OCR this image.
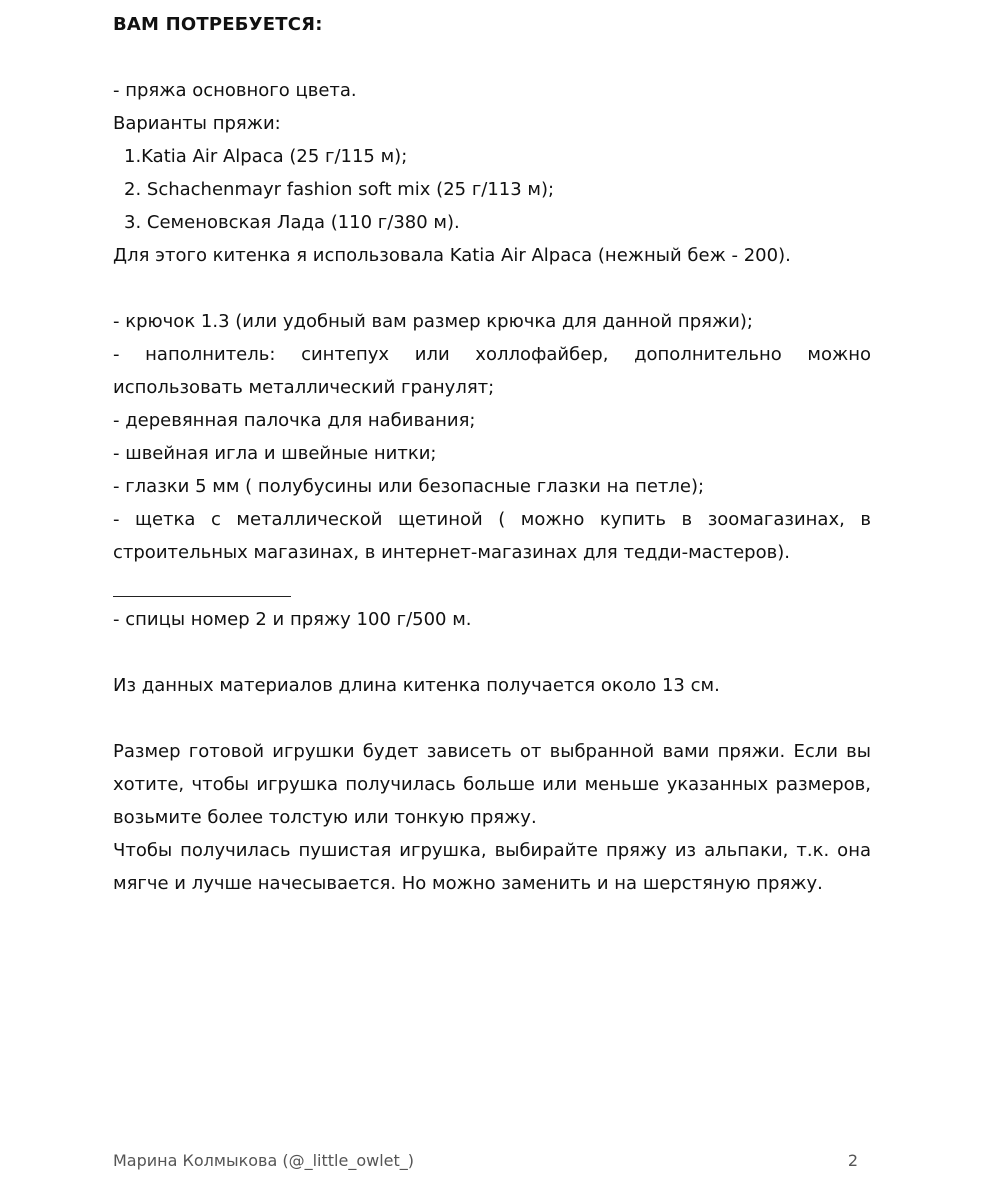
ВАМ ПОТРЕБУЕТСЯ:

- пряжа основного цвета.

Варианты пряжи:

1.Katia Air Alpaca (25 г/115 м);

2. Schachenmayr fashion soft mix (25 г/113 м);

3. Семеновская Лада (110 г/380 м).

Для этого китенка я использовала Katia Air Alpaca (нежный беж - 200).

- крючок 1.3 (или удобный вам размер крючка для данной пряжи);

- наполнитель: синтепух или холлофайбер, дополнительно можно использовать металлический гранулят;

- деревянная палочка для набивания;

- швейная игла и швейные нитки;

- глазки 5 мм ( полубусины или безопасные глазки на петле);

- щетка с металлической щетиной ( можно купить в зоомагазинах, в строительных магазинах, в интернет-магазинах для тедди-мастеров).

- спицы номер 2 и пряжу 100 г/500 м.

Из данных материалов длина китенка получается около 13 см.

Размер готовой игрушки будет зависеть от выбранной вами пряжи. Если вы хотите, чтобы игрушка получилась больше или меньше указанных размеров, возьмите более толстую или тонкую пряжу.

Чтобы получилась пушистая игрушка, выбирайте пряжу из альпаки, т.к. она мягче и лучше начесывается. Но можно заменить и на шерстяную пряжу.

Марина Колмыкова (@_little_owlet_)	2
